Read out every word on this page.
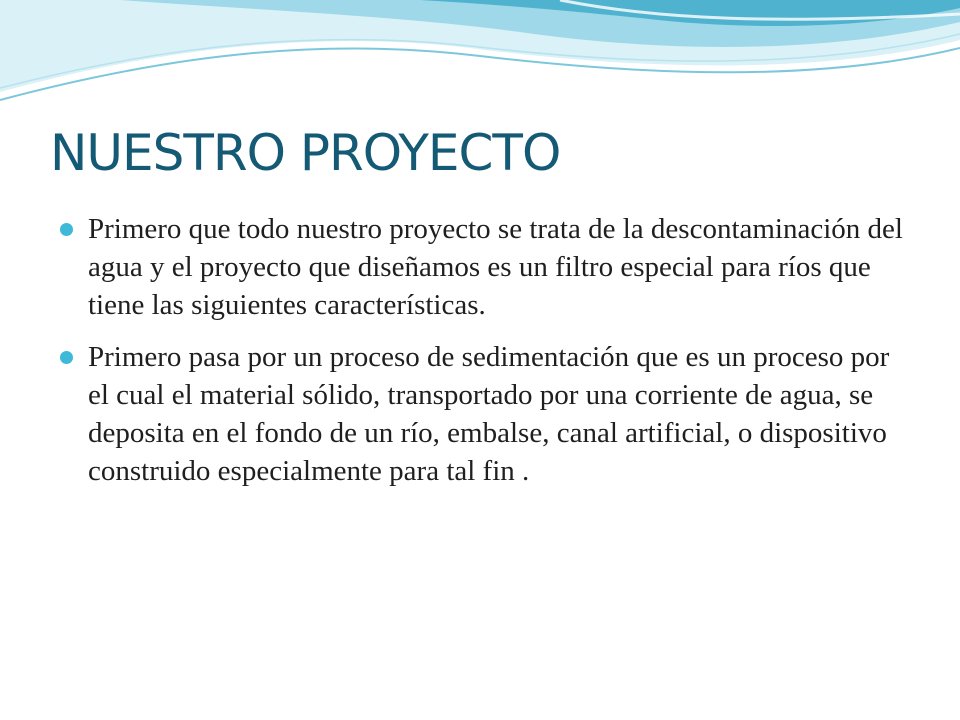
NUESTRO PROYECTO
Primero que todo nuestro proyecto se trata de la descontaminación del agua y el proyecto que diseñamos es un filtro especial para ríos que tiene las siguientes características.
Primero pasa por un proceso de sedimentación que es un proceso por el cual el material sólido, transportado por una corriente de agua, se deposita en el fondo de un río, embalse, canal artificial, o dispositivo construido especialmente para tal fin .
